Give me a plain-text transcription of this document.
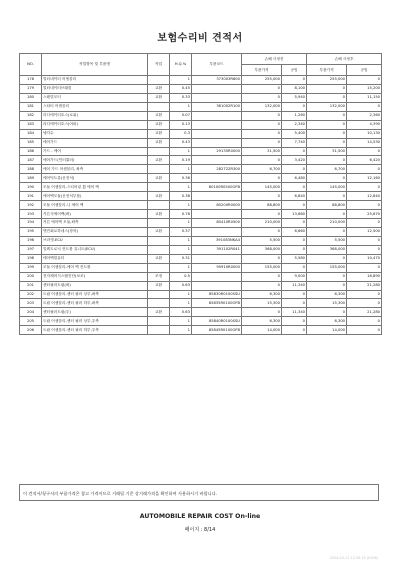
보험수리비 견적서
NO.	작업항목 및 부품명	작업	H.Q.%	부품코드	손해 사정전		손해 사정후	
					부품가격	공임	부품가격	공임
178	얼터네이터 어셈블리		1	373003R600	255,000	0	255,000	0
179	얼터네이터브래킷	교환	0.45		0	8,100	0	15,200
180	스테빌모터	교환	0.33		0	5,940	0	11,150
181	스타터 어셈블리		1	361002R100	132,000	0	132,000	0
182	라디에이터호스(로워)	교환	0.07		0	1,260	0	2,360
183	라디에이터호스(어퍼)	교환	0.13		0	2,340	0	4,390
184	냉각수	교환	0.3		0	5,400	0	10,130
185	에어가드	교환	0.43		0	7,740	0	14,530
186	가드 - 에어		1	29135R0000	31,500	0	31,500	0
187	에어가드(인터쿨러)	교환	0.19		0	3,420	0	6,420
188	에어 가드 어셈블리, 좌측		1	282722R300	6,700	0	6,700	0
189	에어덕트류(운전석)	교환	0.36		0	6,480	0	12,160
190	모듈 어셈블리-스티어링 휠 에어 백		1	80100R0500OFB	145,000	0	145,000	0
191	에어백모듈(운전석부품)	교환	0.38		0	6,840	0	12,840
192	모듈 어셈블리-니 에어 백		1	80200R0000	88,800	0	88,800	0
193	커튼식에어백(좌)	교환	0.76		0	13,680	0	25,670
194	커튼 에어백 모듈,좌측		1	80410R0500	210,000	0	210,000	0
195	엔진회로하네스(장착)	교환	0.37		0	6,660	0	12,500
196	브라켓-ECU		1	391083NKA4	5,500	0	5,500	0
197	일렉트로닉 컨트롤 유니트(ECU)		1	391102R041	368,000	0	368,000	0
198	에어백컴퓨터	교환	0.31		0	5,580	0	10,470
199	모듈 어셈블리-에어 백 컨트롤		1	95910R0000	155,000	0	155,000	0
200	전자제어식스템진단(보조)	조정	0.5		0	9,000	0	16,890
201	센터필러트림(좌)	교환	0.63		0	11,340	0	21,280
202	트림 어셈블리-센터 필러 상부,좌측		1	85830R0100SSU	6,300	0	6,300	0
203	트림 어셈블리-센터 필러 하부,좌측		1	85835R0100OFB	15,300	0	15,300	0
204	센터필러트림(우)	교환	0.63		0	11,340	0	21,280
205	트림 어셈블리-센터 필러 상부,우측		1	85840R0100SSU	6,300	0	6,300	0
206	트림 어셈블리-센터 필러 하부,우측		1	85845R0100OFB	14,000	0	14,000	0
이 견적서/청구서의 부품가격은 참고 가격이므로 거래될 기준 상거래가격을 확인하여 사용하시기 바랍니다.
AUTOMOBILE REPAIR COST On-line
페이지 : 8/14
2024-03-17 12:16:15 (0206)
